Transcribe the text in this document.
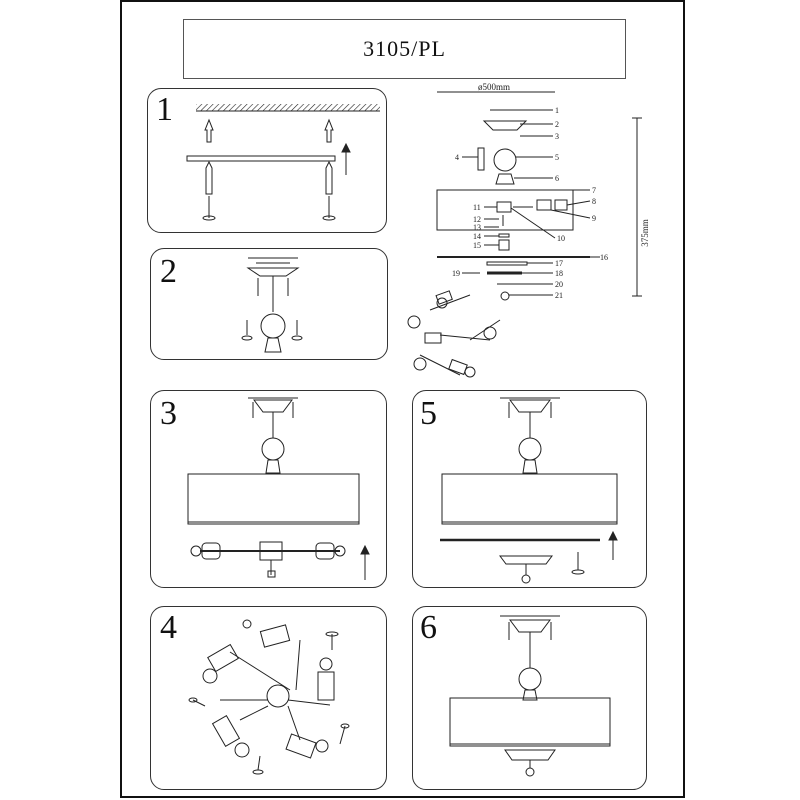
3105/PL
1
2
3	5
4	6
ø500mm
375mm
1
2
3
4	5
6
7
8
9
10
11
12
13
14
15
16
17
18
19
20
21
